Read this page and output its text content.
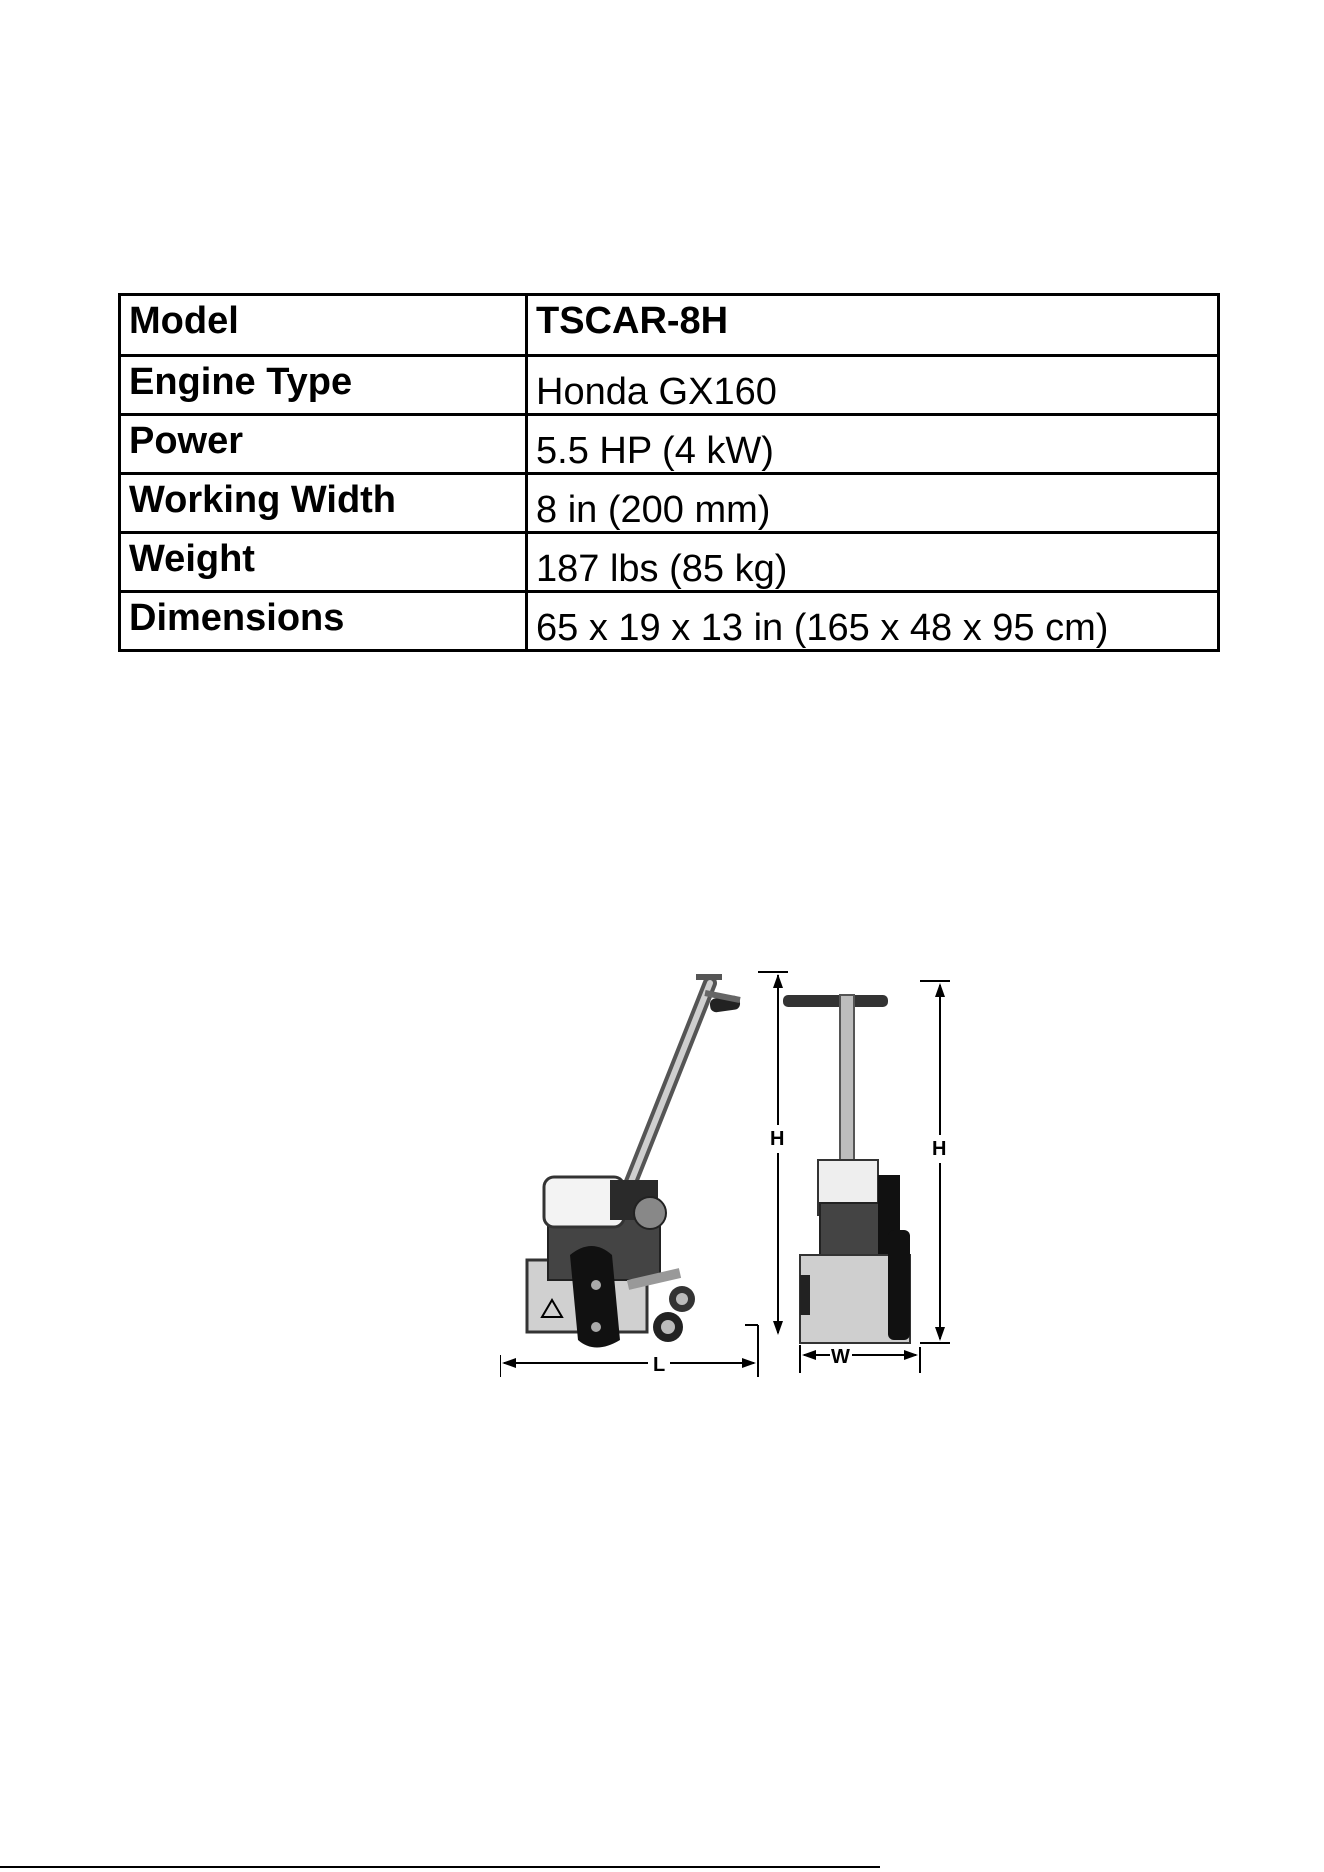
Model	TSCAR-8H
Engine Type	Honda GX160
Power	5.5 HP (4 kW)
Working Width	8 in (200 mm)
Weight	187 lbs (85 kg)
Dimensions	65 x 19 x 13 in (165 x 48 x 95 cm)
L
H	H
W
